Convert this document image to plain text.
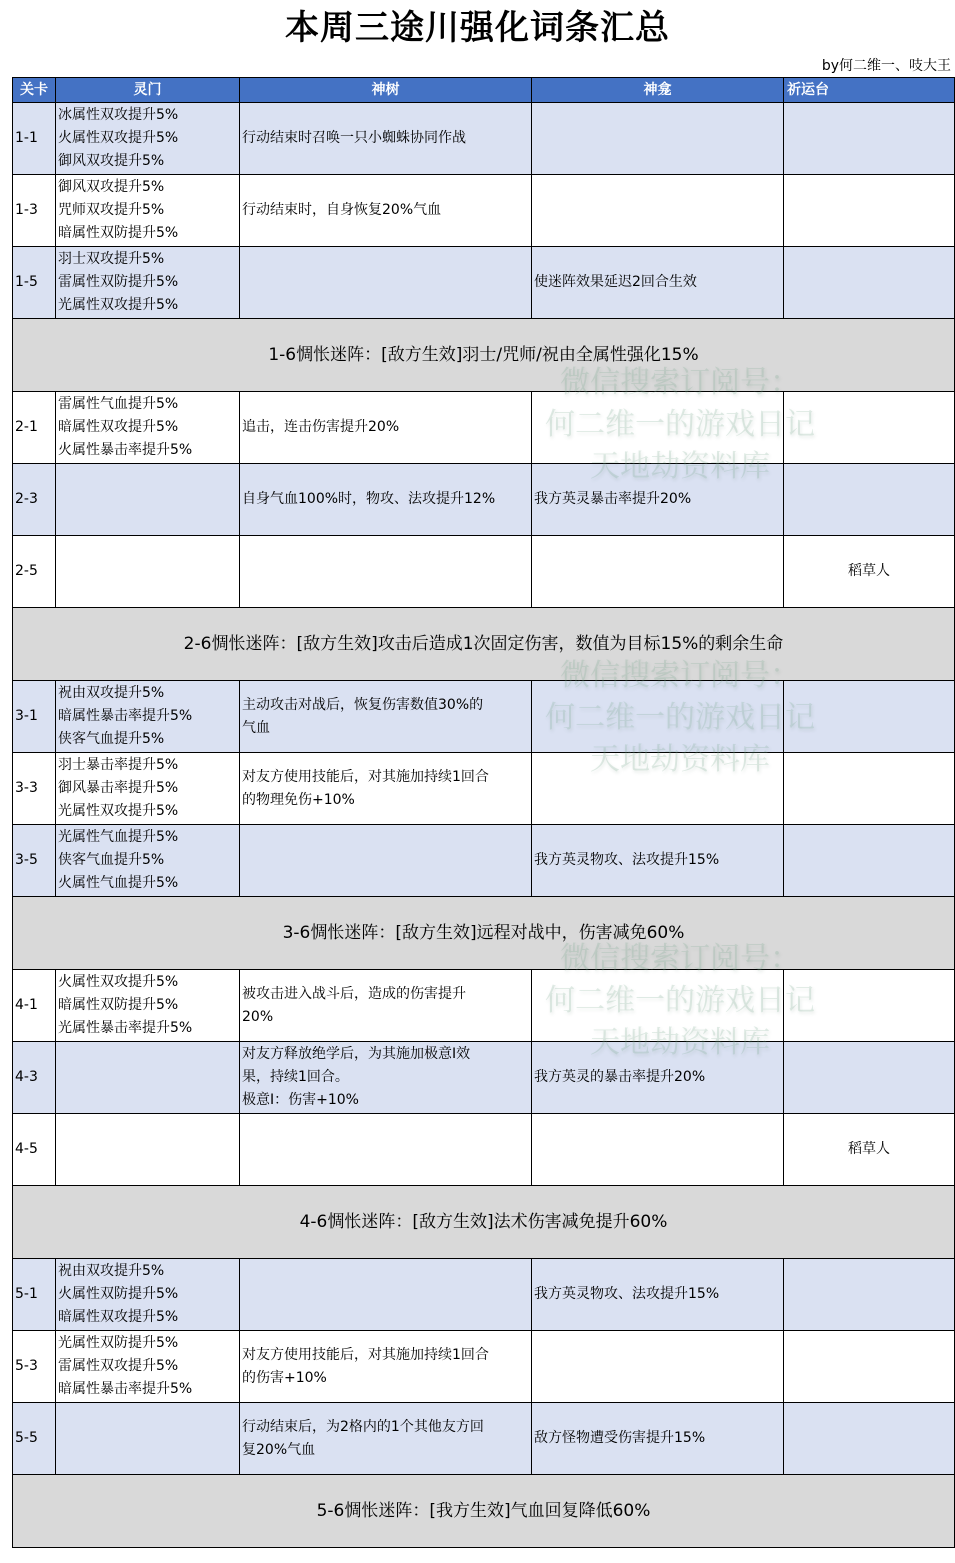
本周三途川强化词条汇总
by何二维一、吱大王
关卡	灵门	神树	神龛	祈运台
1-1	冰属性双攻提升5%
火属性双攻提升5%
御风双攻提升5%	行动结束时召唤一只小蜘蛛协同作战		

1-3	御风双攻提升5%
咒师双攻提升5%
暗属性双防提升5%	行动结束时，自身恢复20%气血		

1-5	羽士双攻提升5%
雷属性双防提升5%
光属性双攻提升5%		使迷阵效果延迟2回合生效	

1-6惆怅迷阵：[敌方生效]羽士/咒师/祝由全属性强化15%				
2-1	雷属性气血提升5%
暗属性双攻提升5%
火属性暴击率提升5%	追击，连击伤害提升20%		

2-3		自身气血100%时，物攻、法攻提升12%	我方英灵暴击率提升20%	

2-5				稻草人
2-6惆怅迷阵：[敌方生效]攻击后造成1次固定伤害，数值为目标15%的剩余生命				
3-1	祝由双攻提升5%
暗属性暴击率提升5%
侠客气血提升5%	主动攻击对战后，恢复伤害数值30%的
气血		

3-3	羽士暴击率提升5%
御风暴击率提升5%
光属性双攻提升5%	对友方使用技能后，对其施加持续1回合
的物理免伤+10%		

3-5	光属性气血提升5%
侠客气血提升5%
火属性气血提升5%		我方英灵物攻、法攻提升15%	

3-6惆怅迷阵：[敌方生效]远程对战中，伤害减免60%				
4-1	火属性双攻提升5%
暗属性双防提升5%
光属性暴击率提升5%	被攻击进入战斗后，造成的伤害提升
20%		

4-3		对友方释放绝学后，为其施加极意Ⅰ效
果，持续1回合。
极意Ⅰ：伤害+10%	我方英灵的暴击率提升20%	

4-5				稻草人
4-6惆怅迷阵：[敌方生效]法术伤害减免提升60%				
5-1	祝由双攻提升5%
火属性双防提升5%
暗属性双攻提升5%		我方英灵物攻、法攻提升15%	

5-3	光属性双防提升5%
雷属性双攻提升5%
暗属性暴击率提升5%	对友方使用技能后，对其施加持续1回合
的伤害+10%		

5-5		行动结束后，为2格内的1个其他友方回
复20%气血	敌方怪物遭受伤害提升15%	

5-6惆怅迷阵：[我方生效]气血回复降低60%				
微信搜索订阅号：
何二维一的游戏日记
天地劫资料库
微信搜索订阅号：
何二维一的游戏日记
天地劫资料库
微信搜索订阅号：
何二维一的游戏日记
天地劫资料库
